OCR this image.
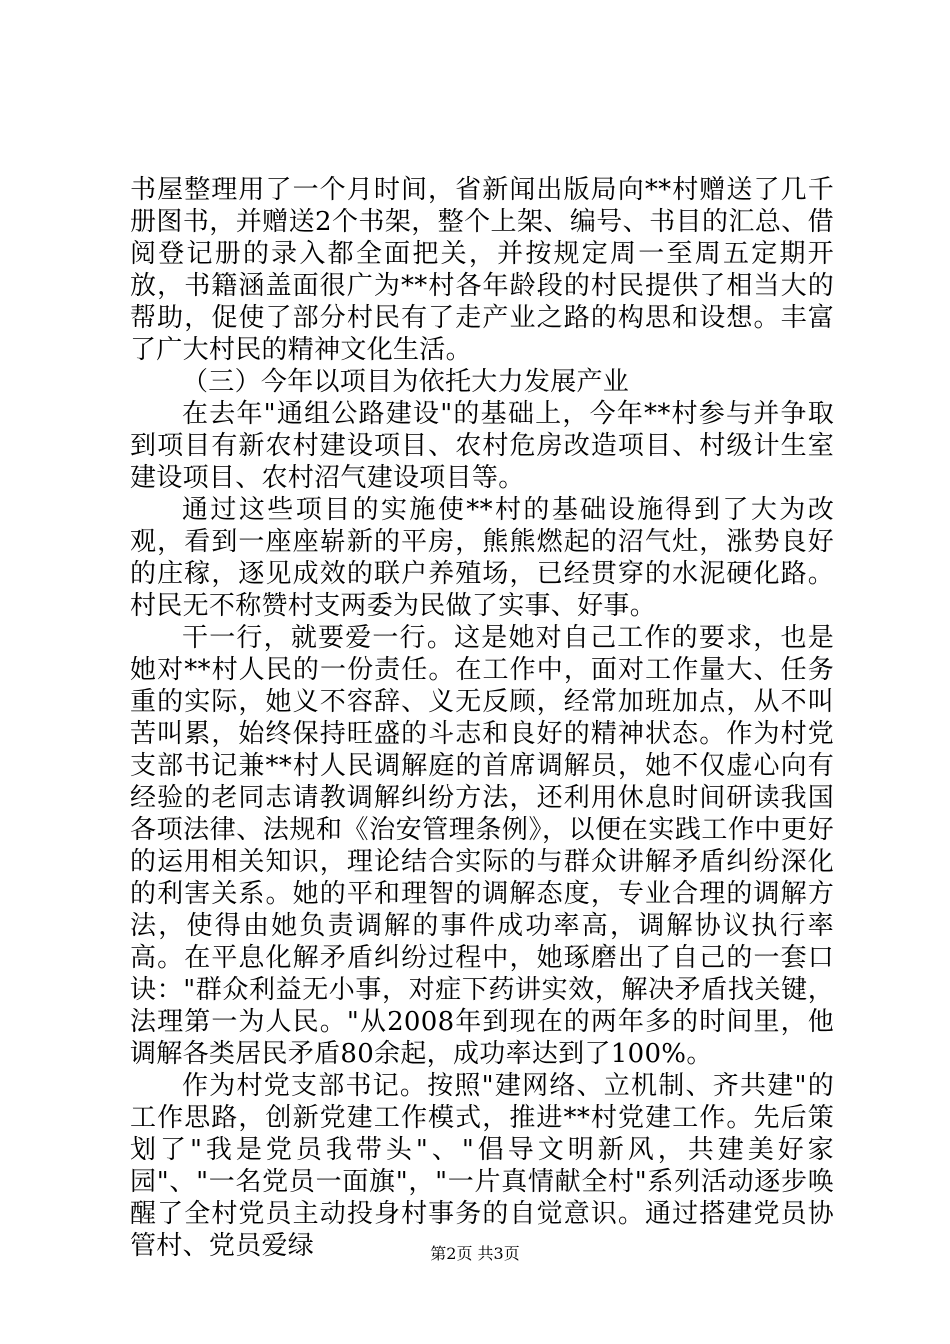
书屋整理用了一个月时间，省新闻出版局向**村赠送了几千册图书，并赠送2个书架，整个上架、编号、书目的汇总、借阅登记册的录入都全面把关，并按规定周一至周五定期开放，书籍涵盖面很广为**村各年龄段的村民提供了相当大的帮助，促使了部分村民有了走产业之路的构思和设想。丰富了广大村民的精神文化生活。

（三）今年以项目为依托大力发展产业

在去年"通组公路建设"的基础上，今年**村参与并争取到项目有新农村建设项目、农村危房改造项目、村级计生室建设项目、农村沼气建设项目等。

通过这些项目的实施使**村的基础设施得到了大为改观，看到一座座崭新的平房，熊熊燃起的沼气灶，涨势良好的庄稼，逐见成效的联户养殖场，已经贯穿的水泥硬化路。村民无不称赞村支两委为民做了实事、好事。

干一行，就要爱一行。这是她对自己工作的要求，也是她对**村人民的一份责任。在工作中，面对工作量大、任务重的实际，她义不容辞、义无反顾，经常加班加点，从不叫苦叫累，始终保持旺盛的斗志和良好的精神状态。作为村党支部书记兼**村人民调解庭的首席调解员，她不仅虚心向有经验的老同志请教调解纠纷方法，还利用休息时间研读我国各项法律、法规和《治安管理条例》，以便在实践工作中更好的运用相关知识，理论结合实际的与群众讲解矛盾纠纷深化的利害关系。她的平和理智的调解态度，专业合理的调解方法，使得由她负责调解的事件成功率高，调解协议执行率高。在平息化解矛盾纠纷过程中，她琢磨出了自己的一套口诀："群众利益无小事，对症下药讲实效，解决矛盾找关键，法理第一为人民。"从2008年到现在的两年多的时间里，他调解各类居民矛盾80余起，成功率达到了100%。

作为村党支部书记。按照"建网络、立机制、齐共建"的工作思路，创新党建工作模式，推进**村党建工作。先后策划了"我是党员我带头"、"倡导文明新风，共建美好家园"、"一名党员一面旗"，"一片真情献全村"系列活动逐步唤醒了全村党员主动投身村事务的自觉意识。通过搭建党员协管村、党员爱绿	第2页 共3页
